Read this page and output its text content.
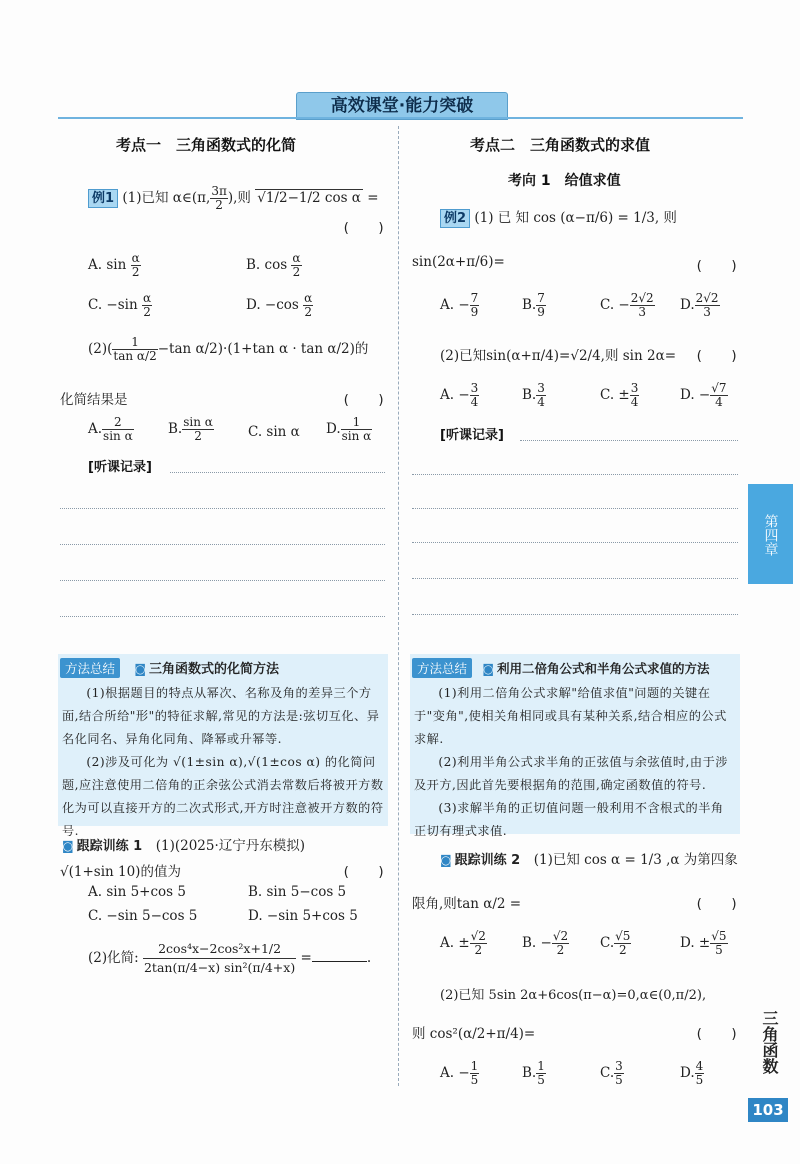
高效课堂·能力突破
考点一　三角函数式的化简
例1 (1)已知 α∈(π, $\frac{3\pi}{2}$ ),则 √1/2−1/2 cos α =
(　　)
A. $\sin \frac{\alpha}{2}$	B. $\cos \frac{\alpha}{2}$
C. $-\sin \frac{\alpha}{2}$	D. $-\cos \frac{\alpha}{2}$
$(2)( \frac{1}{\text{tan α/2}} -\tan$ α/2)·(1+tan α · tan α/2)的
化简结果是	(　　)
A. $\frac{2}{\text{sin α}}$	B. $\frac{\text{sin α}}{2}$	C. sin α D. $\frac{1}{\text{sin α}}$
[听课记录]
方法总结	◙ 三角函数式的化简方法

(1)根据题目的特点从幂次、名称及角的差异三个方面,结合所给"形"的特征求解,常见的方法是:弦切互化、异名化同名、异角化同角、降幂或升幂等.

(2)涉及可化为 √(1±sin α),√(1±cos α) 的化简问题,应注意使用二倍角的正余弦公式消去常数后将被开方数化为可以直接开方的二次式形式,开方时注意被开方数的符号.

◙ 跟踪训练 1　 (1)(2025·辽宁丹东模拟)
√(1+sin 10)的值为	(　　)
A. sin 5+cos 5	B. sin 5−cos 5
C. −sin 5−cos 5	D. −sin 5+cos 5
(2)化简: $\frac{\text{2cos⁴x−2cos²x+1/2}}{\text{2tan(π/4−x) sin²(π/4+x)}}$ =	.
考点二　三角函数式的求值
考向 1　给值求值
例2 (1) 已 知 cos (α−π/6) = 1/3, 则
sin(2α+π/6)=	(　　)
A. − $\frac{7}{9}$	B. $\frac{7}{9}$	C. − $\frac{2√2}{3} D$. $\frac{2√2}{3}$
(2)已知sin(α+π/4)=√2/4,则 sin 2α= (　　)
A. − $\frac{3}{4}$	B. $\frac{3}{4}$	C. ± $\frac{3}{4}$	D. − $\frac{√7}{4}$
[听课记录]
方法总结 ◙ 利用二倍角公式和半角公式求值的方法

(1)利用二倍角公式求解"给值求值"问题的关键在于"变角",使相关角相同或具有某种关系,结合相应的公式求解.

(2)利用半角公式求半角的正弦值与余弦值时,由于涉及开方,因此首先要根据角的范围,确定函数值的符号.

(3)求解半角的正切值问题一般利用不含根式的半角正切有理式求值.

◙ 跟踪训练 2　 (1)已知 cos α = 1/3 ,α 为第四象
限角,则tan α/2 =	(　　)
A. ± $\frac{√2}{2}$	B. − $\frac{√2}{2} C$. $\frac{√5}{2}$	D. ± $\frac{√5}{5}$
(2)已知 5sin 2α+6cos(π−α)=0,α∈(0,π/2),
则 cos²(α/2+π/4)=	(　　)
A. − $\frac{1}{5}$	B. $\frac{1}{5}$	C. $\frac{3}{5}$	D. $\frac{4}{5}$
第四章
三角函数
103
